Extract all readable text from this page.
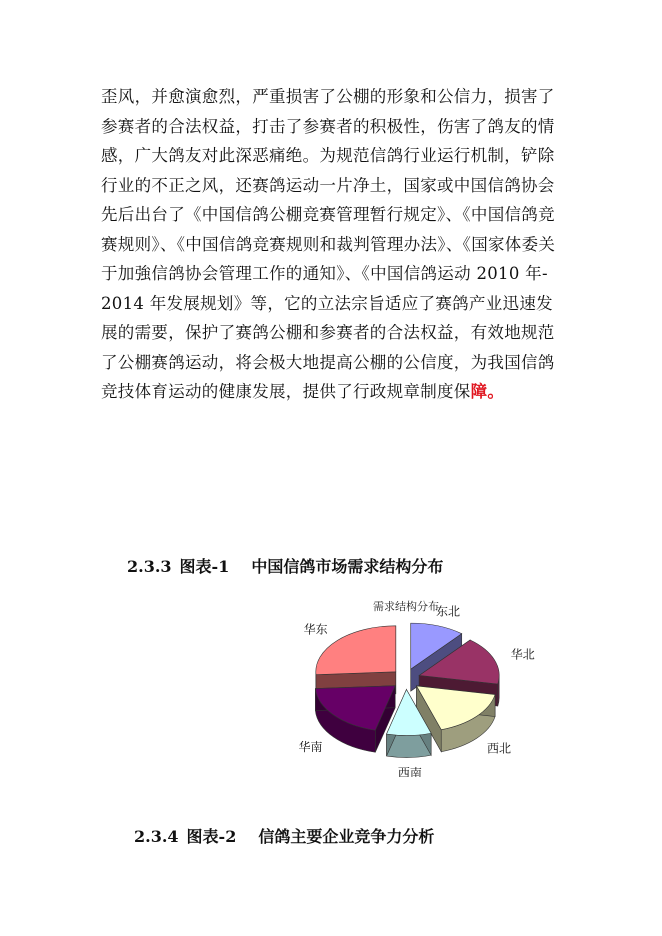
歪风，并愈演愈烈，严重损害了公棚的形象和公信力，损害了
参赛者的合法权益，打击了参赛者的积极性，伤害了鸽友的情
感，广大鸽友对此深恶痛绝。为规范信鸽行业运行机制，铲除
行业的不正之风，还赛鸽运动一片净土，国家或中国信鸽协会
先后出台了《中国信鸽公棚竞赛管理暂行规定》、《中国信鸽竞
赛规则》、《中国信鸽竞赛规则和裁判管理办法》、《国家体委关
于加強信鸽协会管理工作的通知》、《中国信鸽运动 2010 年-
2014 年发展规划》等，它的立法宗旨适应了赛鸽产业迅速发
展的需要，保护了赛鸽公棚和参赛者的合法权益，有效地规范
了公棚赛鸽运动，将会极大地提高公棚的公信度，为我国信鸽
竞技体育运动的健康发展，提供了行政规章制度保障。
2.3.3 图表-1 中国信鸽市场需求结构分布
需求结构分布
东北
华北
西北
西南
华南
华东
2.3.4 图表-2 信鸽主要企业竞争力分析
